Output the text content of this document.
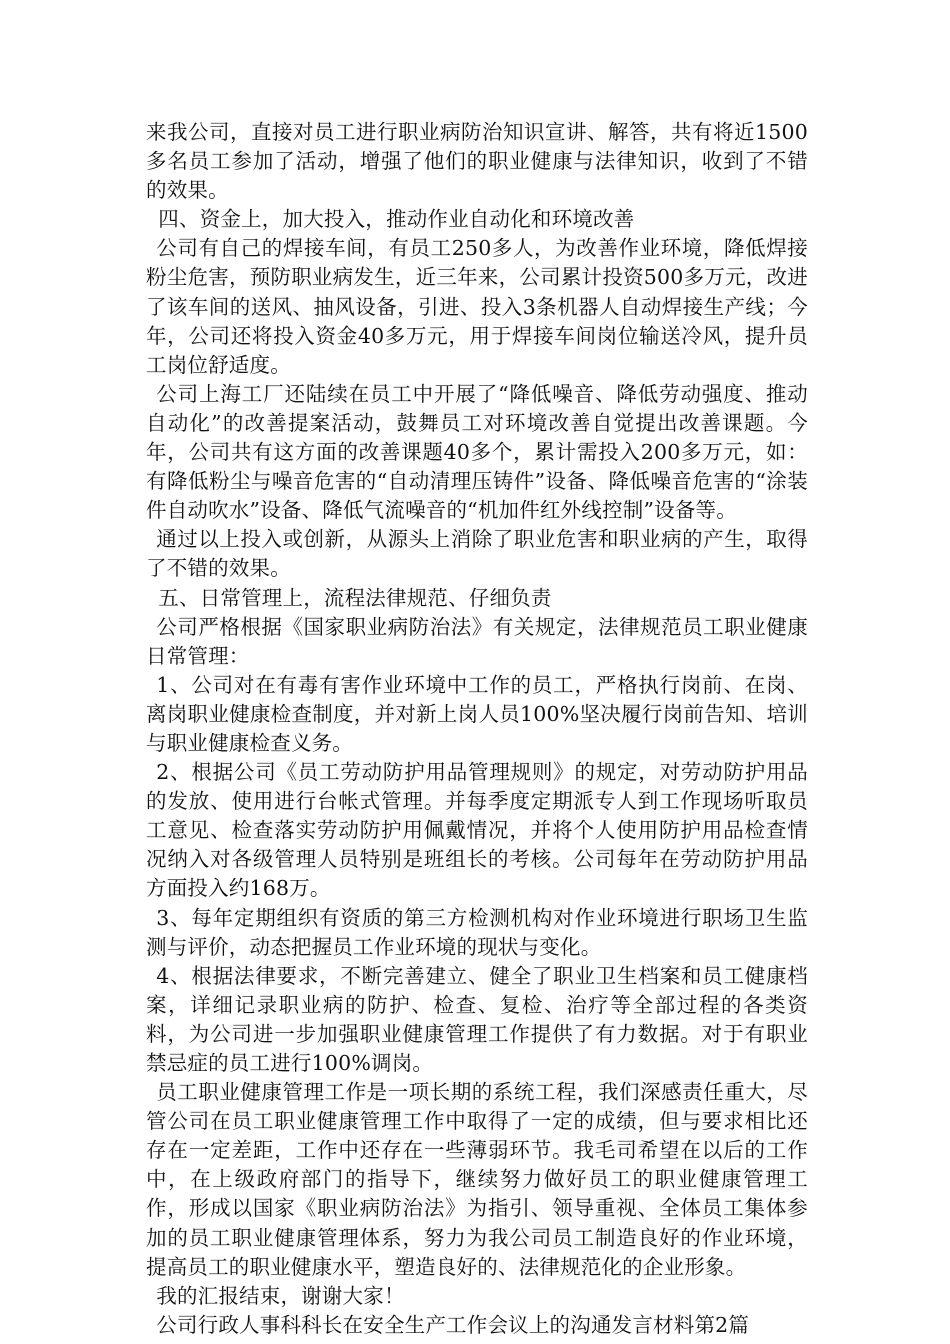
来我公司，直接对员工进行职业病防治知识宣讲、解答，共有将近1500多名员工参加了活动，增强了他们的职业健康与法律知识，收到了不错的效果。

四、资金上，加大投入，推动作业自动化和环境改善

公司有自己的焊接车间，有员工250多人，为改善作业环境，降低焊接粉尘危害，预防职业病发生，近三年来，公司累计投资500多万元，改进了该车间的送风、抽风设备，引进、投入3条机器人自动焊接生产线；今年，公司还将投入资金40多万元，用于焊接车间岗位输送冷风，提升员工岗位舒适度。

公司上海工厂还陆续在员工中开展了“降低噪音、降低劳动强度、推动自动化”的改善提案活动，鼓舞员工对环境改善自觉提出改善课题。今年，公司共有这方面的改善课题40多个，累计需投入200多万元，如：有降低粉尘与噪音危害的“自动清理压铸件”设备、降低噪音危害的“涂装件自动吹水”设备、降低气流噪音的“机加件红外线控制”设备等。

通过以上投入或创新，从源头上消除了职业危害和职业病的产生，取得了不错的效果。

五、日常管理上，流程法律规范、仔细负责

公司严格根据《国家职业病防治法》有关规定，法律规范员工职业健康日常管理：

1、公司对在有毒有害作业环境中工作的员工，严格执行岗前、在岗、离岗职业健康检查制度，并对新上岗人员100%坚决履行岗前告知、培训与职业健康检查义务。

2、根据公司《员工劳动防护用品管理规则》的规定，对劳动防护用品的发放、使用进行台帐式管理。并每季度定期派专人到工作现场听取员工意见、检查落实劳动防护用佩戴情况，并将个人使用防护用品检查情况纳入对各级管理人员特别是班组长的考核。公司每年在劳动防护用品方面投入约168万。

3、每年定期组织有资质的第三方检测机构对作业环境进行职场卫生监测与评价，动态把握员工作业环境的现状与变化。

4、根据法律要求，不断完善建立、健全了职业卫生档案和员工健康档案，详细记录职业病的防护、检查、复检、治疗等全部过程的各类资料，为公司进一步加强职业健康管理工作提供了有力数据。对于有职业禁忌症的员工进行100%调岗。

员工职业健康管理工作是一项长期的系统工程，我们深感责任重大，尽管公司在员工职业健康管理工作中取得了一定的成绩，但与要求相比还存在一定差距，工作中还存在一些薄弱环节。我毛司希望在以后的工作中，在上级政府部门的指导下，继续努力做好员工的职业健康管理工作，形成以国家《职业病防治法》为指引、领导重视、全体员工集体参加的员工职业健康管理体系，努力为我公司员工制造良好的作业环境，提高员工的职业健康水平，塑造良好的、法律规范化的企业形象。

我的汇报结束，谢谢大家！

公司行政人事科科长在安全生产工作会议上的沟通发言材料第2篇
